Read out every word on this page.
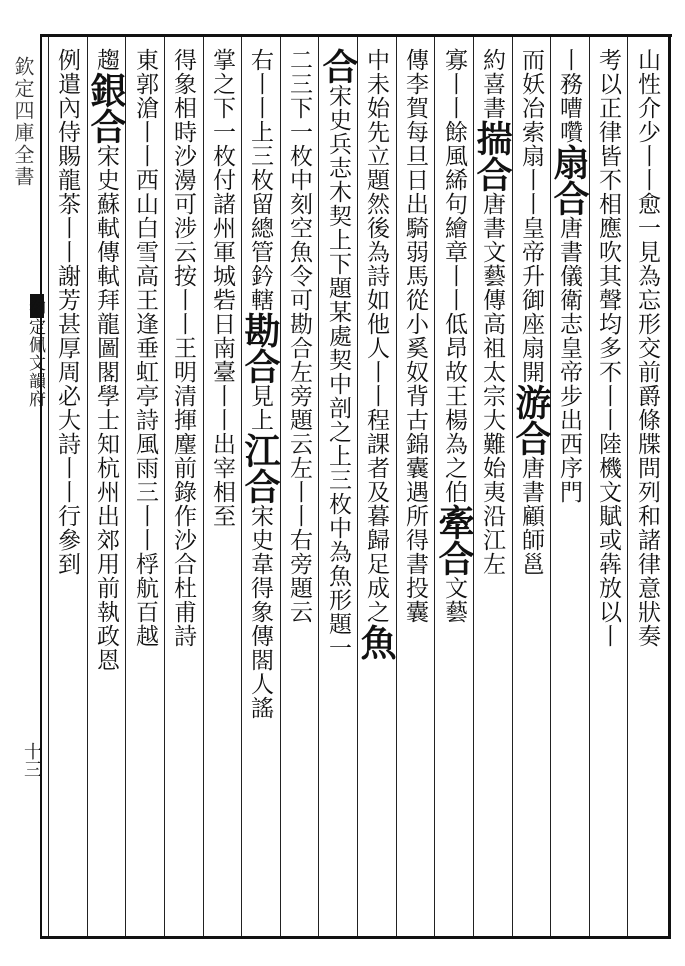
欽定四庫全書
御定佩文韻府
十三
山性介少丨丨愈一見為忘形交前爵條牒問列和諸律意狀奏
考以正律皆不相應吹其聲均多不丨丨陸機文賦或犇放以丨
丨務嘈囋扇合唐書儀衛志皇帝步出西序門
而妖冶索扇丨丨皇帝升御座扇開游合唐書顧師邕
約喜書揣合唐書文藝傳高祖太宗大難始夷沿江左
寡丨丨餘風絺句繪章丨丨低昂故王楊為之伯牽合文藝
傳李賀每旦日出騎弱馬從小奚奴背古錦囊遇所得書投囊
中未始先立題然後為詩如他人丨丨程課者及暮歸足成之魚
合宋史兵志木契上下題某處契中剖之上三枚中為魚形題一
二三下一枚中刻空魚令可勘合左旁題云左丨丨右旁題云
右丨丨上三枚留總管鈐轄勘合見上江合宋史韋得象傳閤人謠
掌之下一枚付諸州軍城砦日南臺丨丨出宰相至
得象相時沙澷可涉云按丨丨王明清揮麈前錄作沙合杜甫詩
東郭滄丨丨西山白雪高王逢垂虹亭詩風雨三丨丨桴航百越
趨銀合宋史蘇軾傳軾拜龍圖閣學士知杭州出郊用前執政恩
例遣內侍賜龍茶丨丨謝芳甚厚周必大詩丨丨行參到
